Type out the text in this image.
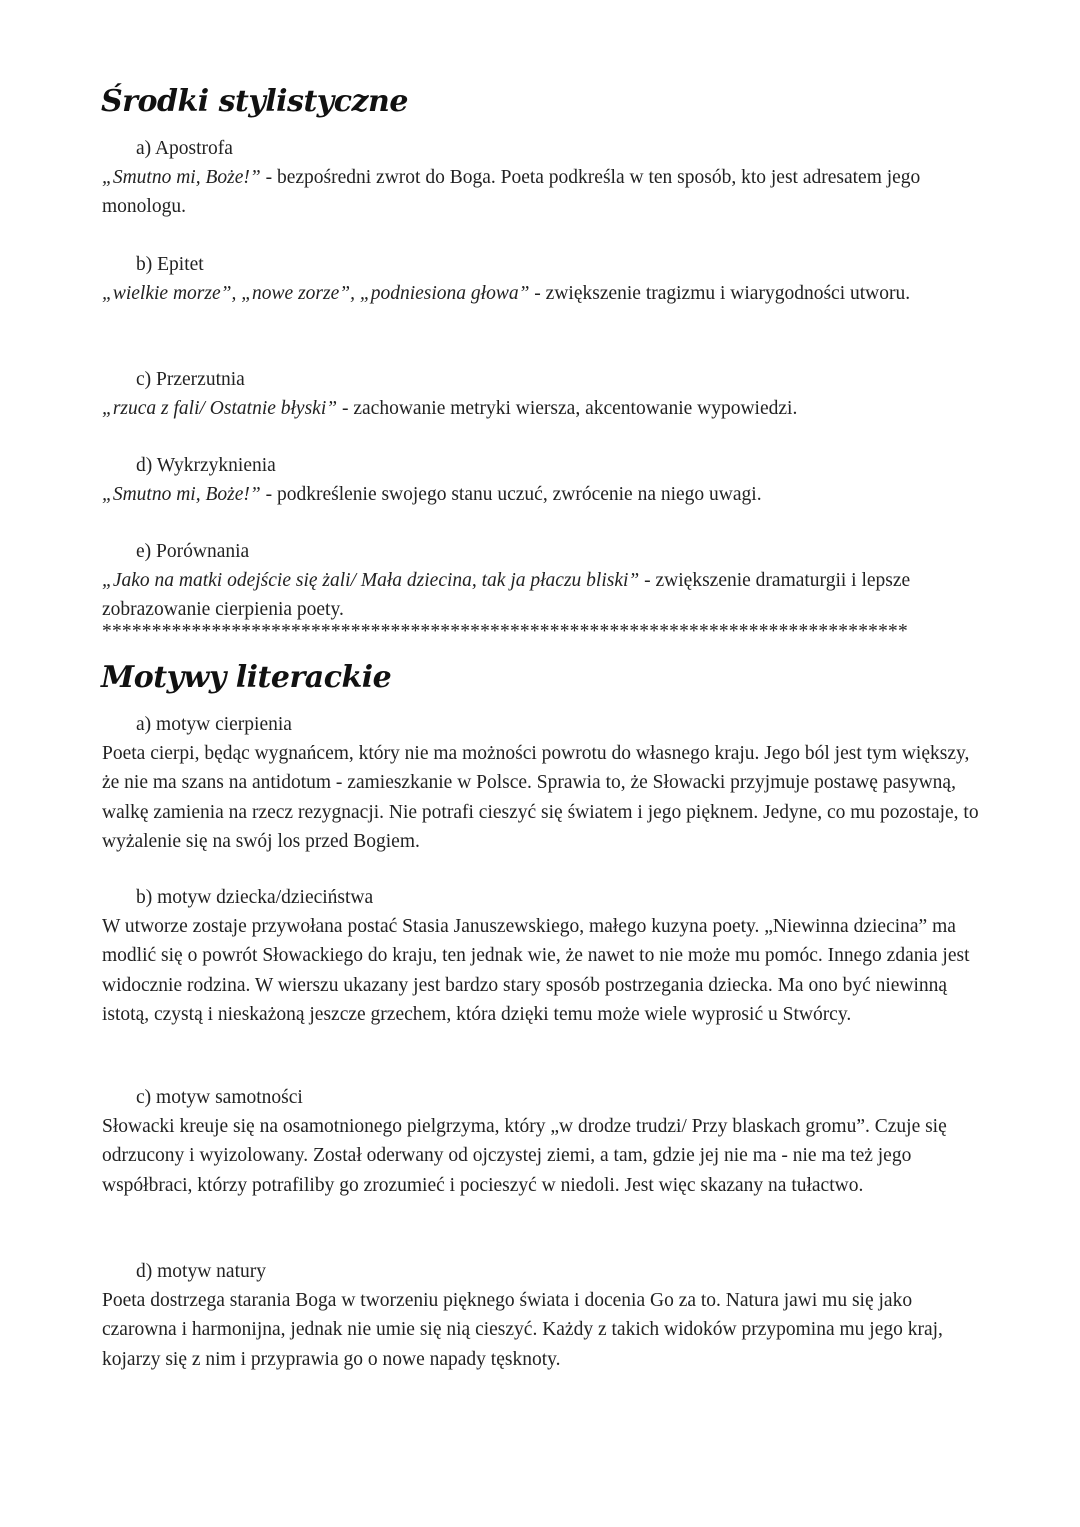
Środki stylistyczne

a) Apostrofa

„Smutno mi, Boże!” - bezpośredni zwrot do Boga. Poeta podkreśla w ten sposób, kto jest adresatem jego monologu.

b) Epitet

„wielkie morze”, „nowe zorze”, „podniesiona głowa” - zwiększenie tragizmu i wiarygodności utworu.

c) Przerzutnia

„rzuca z fali/ Ostatnie błyski” - zachowanie metryki wiersza, akcentowanie wypowiedzi.

d) Wykrzyknienia

„Smutno mi, Boże!” - podkreślenie swojego stanu uczuć, zwrócenie na niego uwagi.

e) Porównania

„Jako na matki odejście się żali/ Mała dziecina, tak ja płaczu bliski” - zwiększenie dramaturgii i lepsze zobrazowanie cierpienia poety.

*********************************************************************************
Motywy literackie

a) motyw cierpienia

Poeta cierpi, będąc wygnańcem, który nie ma możności powrotu do własnego kraju. Jego ból jest tym większy, że nie ma szans na antidotum - zamieszkanie w Polsce. Sprawia to, że Słowacki przyjmuje postawę pasywną, walkę zamienia na rzecz rezygnacji. Nie potrafi cieszyć się światem i jego pięknem. Jedyne, co mu pozostaje, to wyżalenie się na swój los przed Bogiem.

b) motyw dziecka/dzieciństwa

W utworze zostaje przywołana postać Stasia Januszewskiego, małego kuzyna poety. „Niewinna dziecina” ma modlić się o powrót Słowackiego do kraju, ten jednak wie, że nawet to nie może mu pomóc. Innego zdania jest widocznie rodzina. W wierszu ukazany jest bardzo stary sposób postrzegania dziecka. Ma ono być niewinną istotą, czystą i nieskażoną jeszcze grzechem, która dzięki temu może wiele wyprosić u Stwórcy.

c) motyw samotności

Słowacki kreuje się na osamotnionego pielgrzyma, który „w drodze trudzi/ Przy blaskach gromu”. Czuje się odrzucony i wyizolowany. Został oderwany od ojczystej ziemi, a tam, gdzie jej nie ma - nie ma też jego współbraci, którzy potrafiliby go zrozumieć i pocieszyć w niedoli. Jest więc skazany na tułactwo.

d) motyw natury

Poeta dostrzega starania Boga w tworzeniu pięknego świata i docenia Go za to. Natura jawi mu się jako czarowna i harmonijna, jednak nie umie się nią cieszyć. Każdy z takich widoków przypomina mu jego kraj, kojarzy się z nim i przyprawia go o nowe napady tęsknoty.
